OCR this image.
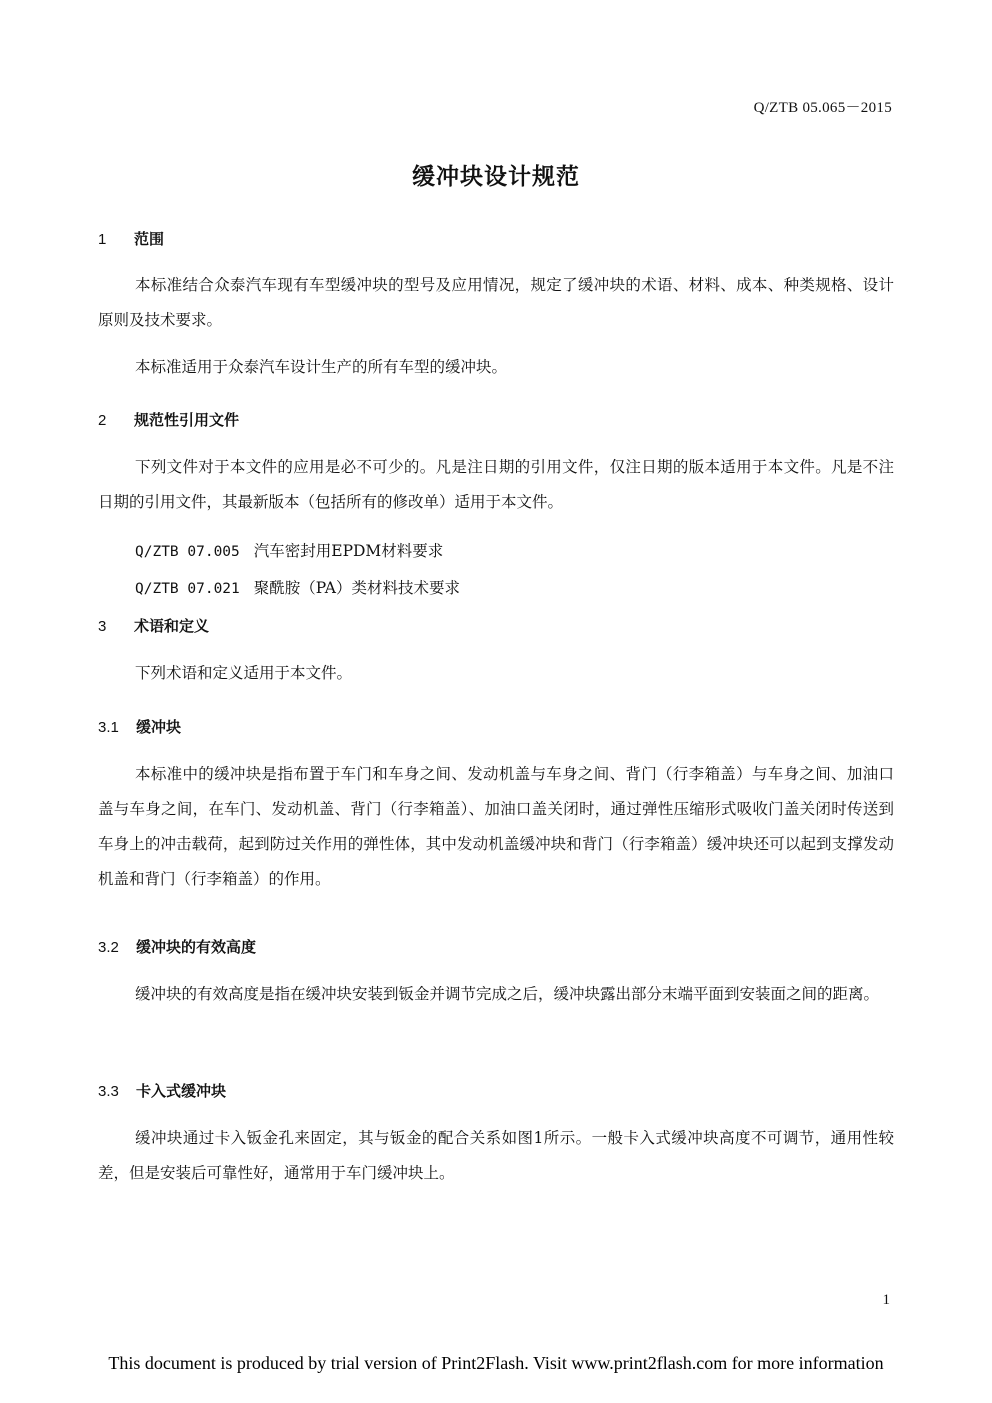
Q/ZTB 05.065－2015
缓冲块设计规范
1 范围
本标准结合众泰汽车现有车型缓冲块的型号及应用情况，规定了缓冲块的术语、材料、成本、种类规格、设计原则及技术要求。
本标准适用于众泰汽车设计生产的所有车型的缓冲块。
2 规范性引用文件
下列文件对于本文件的应用是必不可少的。凡是注日期的引用文件，仅注日期的版本适用于本文件。凡是不注日期的引用文件，其最新版本（包括所有的修改单）适用于本文件。
Q/ZTB 07.005 汽车密封用EPDM材料要求
Q/ZTB 07.021 聚酰胺（PA）类材料技术要求
3 术语和定义
下列术语和定义适用于本文件。
3.1 缓冲块
本标准中的缓冲块是指布置于车门和车身之间、发动机盖与车身之间、背门（行李箱盖）与车身之间、加油口盖与车身之间，在车门、发动机盖、背门（行李箱盖）、加油口盖关闭时，通过弹性压缩形式吸收门盖关闭时传送到车身上的冲击载荷，起到防过关作用的弹性体，其中发动机盖缓冲块和背门（行李箱盖）缓冲块还可以起到支撑发动机盖和背门（行李箱盖）的作用。
3.2 缓冲块的有效高度
缓冲块的有效高度是指在缓冲块安装到钣金并调节完成之后，缓冲块露出部分末端平面到安装面之间的距离。
3.3 卡入式缓冲块
缓冲块通过卡入钣金孔来固定，其与钣金的配合关系如图1所示。一般卡入式缓冲块高度不可调节，通用性较差，但是安装后可靠性好，通常用于车门缓冲块上。
1
This document is produced by trial version of Print2Flash. Visit www.print2flash.com for more information
